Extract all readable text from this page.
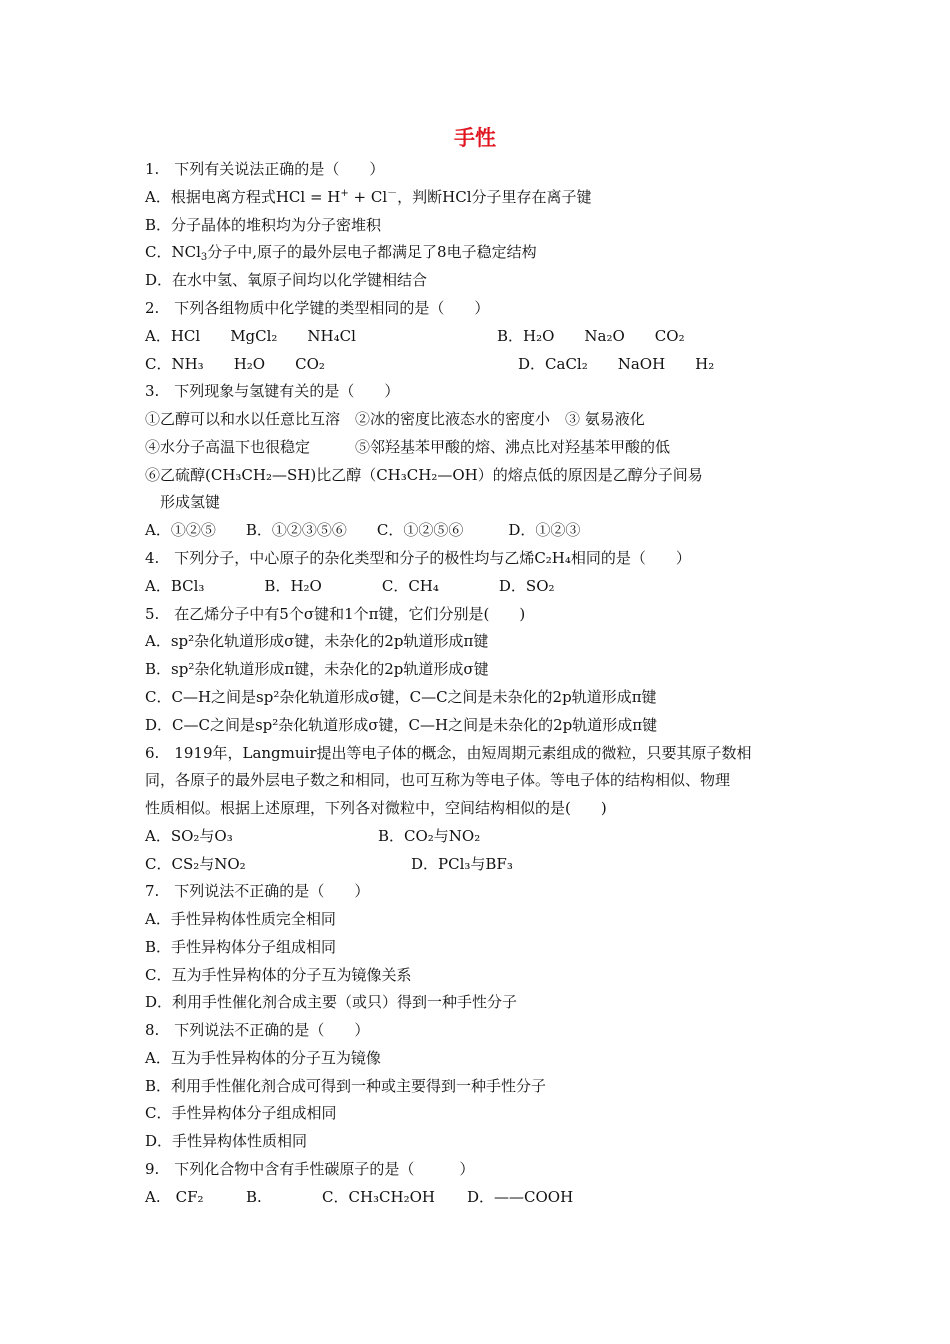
手性
1.　下列有关说法正确的是（　　）
A．根据电离方程式HCl = H+ + Cl－，判断HCl分子里存在离子键
B．分子晶体的堆积均为分子密堆积
C．NCl$_3$分子中,原子的最外层电子都满足了8电子稳定结构
D．在水中氢、氧原子间均以化学键相结合
2.　下列各组物质中化学键的类型相同的是（　　）
A．HCl　　MgCl₂　　NH₄Cl	B．H₂O　　Na₂O　　CO₂
C．NH₃　　H₂O　　CO₂	D．CaCl₂　　NaOH　　H₂
3.　下列现象与氢键有关的是（　　）
①乙醇可以和水以任意比互溶　②冰的密度比液态水的密度小　③ 氨易液化
④水分子高温下也很稳定　　　⑤邻羟基苯甲酸的熔、沸点比对羟基苯甲酸的低
⑥乙硫醇(CH₃CH₂—SH)比乙醇（CH₃CH₂—OH）的熔点低的原因是乙醇分子间易
形成氢键
A．①②⑤　　B．①②③⑤⑥　　C．①②⑤⑥　　　D．①②③
4.　下列分子，中心原子的杂化类型和分子的极性均与乙烯C₂H₄相同的是（　　）
A．BCl₃　　　　B．H₂O　　　　C．CH₄　　　　D．SO₂
5.　在乙烯分子中有5个σ键和1个π键，它们分别是(　　)
A．sp²杂化轨道形成σ键，未杂化的2p轨道形成π键
B．sp²杂化轨道形成π键，未杂化的2p轨道形成σ键
C．C—H之间是sp²杂化轨道形成σ键，C—C之间是未杂化的2p轨道形成π键
D．C—C之间是sp²杂化轨道形成σ键，C—H之间是未杂化的2p轨道形成π键
6.　1919年，Langmuir提出等电子体的概念，由短周期元素组成的微粒，只要其原子数相
同，各原子的最外层电子数之和相同，也可互称为等电子体。等电子体的结构相似、物理
性质相似。根据上述原理，下列各对微粒中，空间结构相似的是(　　)
A．SO₂与O₃	B．CO₂与NO₂
C．CS₂与NO₂	D．PCl₃与BF₃
7.　下列说法不正确的是（　　）
A．手性异构体性质完全相同
B．手性异构体分子组成相同
C．互为手性异构体的分子互为镜像关系
D．利用手性催化剂合成主要（或只）得到一种手性分子
8.　下列说法不正确的是（　　）
A．互为手性异构体的分子互为镜像
B．利用手性催化剂合成可得到一种或主要得到一种手性分子
C．手性异构体分子组成相同
D．手性异构体性质相同
9.　下列化合物中含有手性碳原子的是（　　　）
A.　CF₂	B.	C．CH₃CH₂OH D．——COOH
